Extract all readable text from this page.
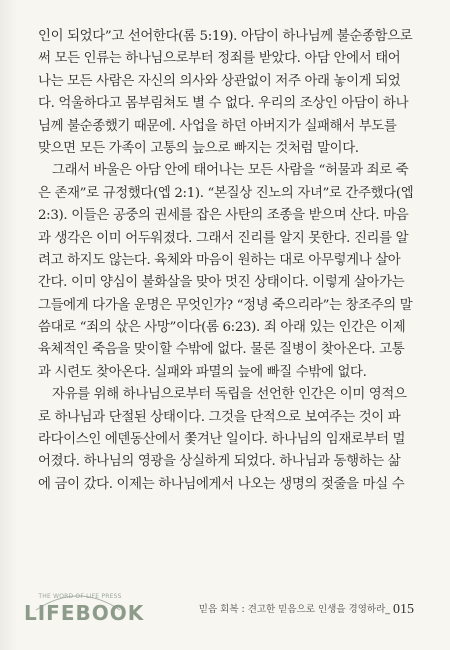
인이 되었다”고 선어한다(롬 5:19). 아담이 하나님께 불순종함으로
써 모든 인류는 하나님으로부터 정죄를 받았다. 아담 안에서 태어
나는 모든 사람은 자신의 의사와 상관없이 저주 아래 놓이게 되었
다. 억울하다고 몸부림쳐도 별 수 없다. 우리의 조상인 아담이 하나
님께 불순종했기 때문에. 사업을 하던 아버지가 실패해서 부도를
맞으면 모든 가족이 고통의 늪으로 빠지는 것처럼 말이다.
그래서 바울은 아담 안에 태어나는 모든 사람을 “허물과 죄로 죽
은 존재”로 규정했다(엡 2:1). “본질상 진노의 자녀”로 간주했다(엡
2:3). 이들은 공중의 권세를 잡은 사탄의 조종을 받으며 산다. 마음
과 생각은 이미 어두워졌다. 그래서 진리를 알지 못한다. 진리를 알
려고 하지도 않는다. 육체와 마음이 원하는 대로 아무렇게나 살아
간다. 이미 양심이 불화살을 맞아 멋진 상태이다. 이렇게 살아가는
그들에게 다가올 운명은 무엇인가? “정녕 죽으리라”는 창조주의 말
씀대로 “죄의 삯은 사망”이다(롬 6:23). 죄 아래 있는 인간은 이제
육체적인 죽음을 맞이할 수밖에 없다. 물론 질병이 찾아온다. 고통
과 시련도 찾아온다. 실패와 파멸의 늪에 빠질 수밖에 없다.
자유를 위해 하나님으로부터 독립을 선언한 인간은 이미 영적으
로 하나님과 단절된 상태이다. 그것을 단적으로 보여주는 것이 파
라다이스인 에덴동산에서 쫓겨난 일이다. 하나님의 임재로부터 멀
어졌다. 하나님의 영광을 상실하게 되었다. 하나님과 동행하는 삶
에 금이 갔다. 이제는 하나님에게서 나오는 생명의 젖줄을 마실 수
THE WORD OF LIFE PRESS
LIFEBOOK	믿음 회복 : 견고한 믿음으로 인생을 경영하라_ 015
